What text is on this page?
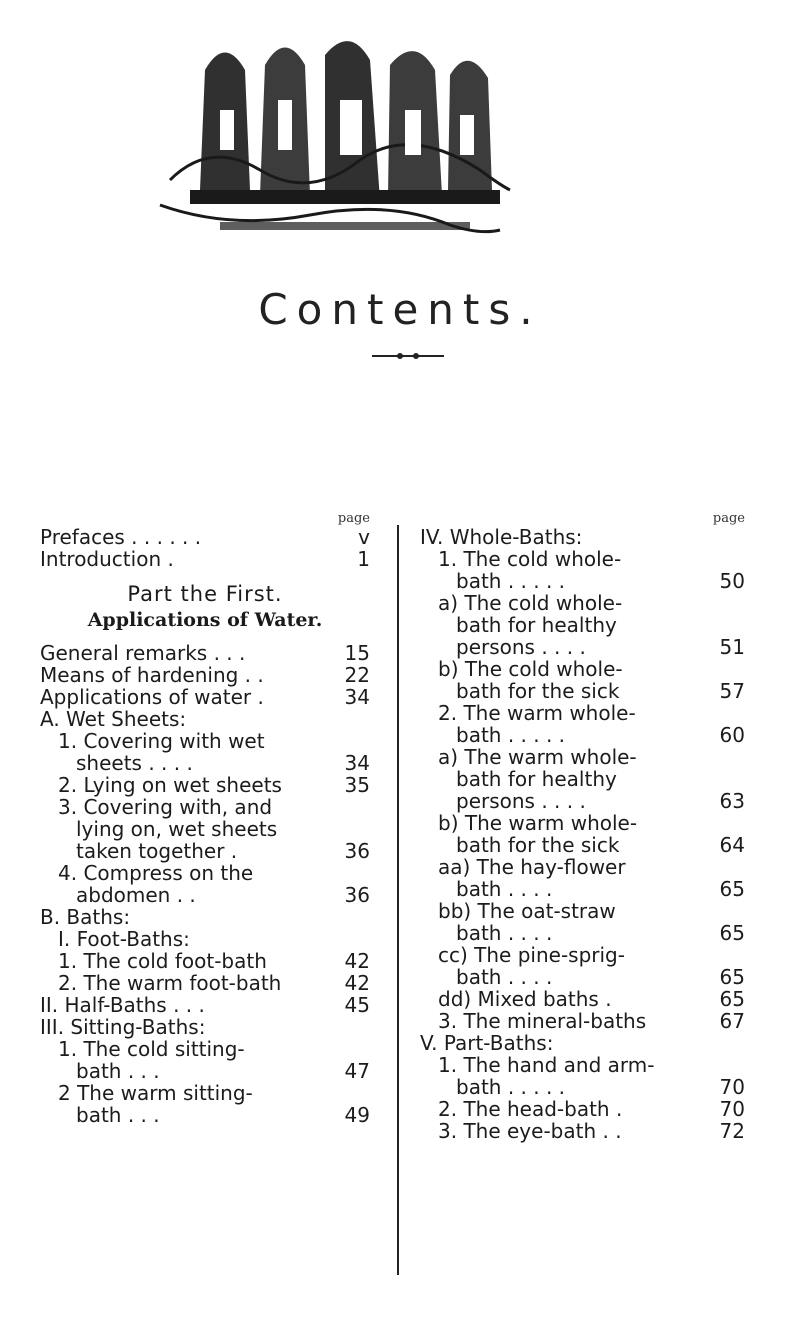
Contents.
page
Prefaces . . . . . .	v
Introduction .	1
Part the First.
Applications of Water.
General remarks . . .	15
Means of hardening . .	22
Applications of water .	34
A. Wet Sheets:
1. Covering with wet
sheets . . . .	34
2. Lying on wet sheets	35
3. Covering with, and
lying on, wet sheets
taken together .	36
4. Compress on the
abdomen . .	36
B. Baths:
I. Foot-Baths:
1. The cold foot-bath	42
2. The warm foot-bath	42
II. Half-Baths . . .	45
III. Sitting-Baths:
1. The cold sitting-
bath . . .	47
2 The warm sitting-
bath . . .	49
page
IV. Whole-Baths:
1. The cold whole-
bath . . . . .	50
a) The cold whole-
bath for healthy
persons . . . .	51
b) The cold whole-
bath for the sick	57
2. The warm whole-
bath . . . . .	60
a) The warm whole-
bath for healthy
persons . . . .	63
b) The warm whole-
bath for the sick	64
aa) The hay-flower
bath . . . .	65
bb) The oat-straw
bath . . . .	65
cc) The pine-sprig-
bath . . . .	65
dd) Mixed baths .	65
3. The mineral-baths	67
V. Part-Baths:
1. The hand and arm-
bath . . . . .	70
2. The head-bath .	70
3. The eye-bath . .	72
